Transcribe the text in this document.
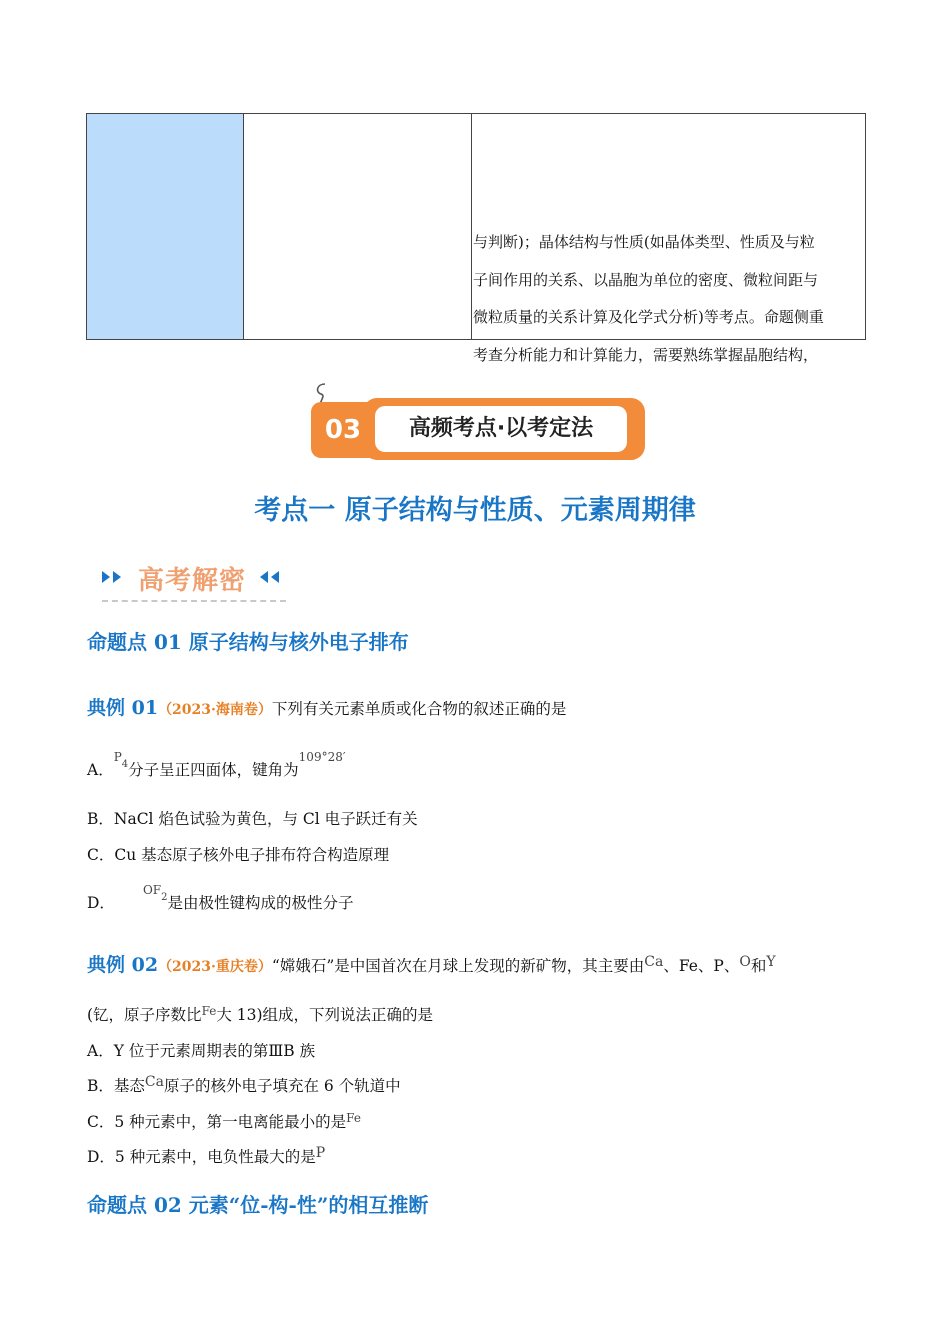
与判断)；晶体结构与性质(如晶体类型、性质及与粒
子间作用的关系、以晶胞为单位的密度、微粒间距与
微粒质量的关系计算及化学式分析)等考点。命题侧重
考查分析能力和计算能力，需要熟练掌握晶胞结构，
高频考点·以考定法
03
考点一 原子结构与性质、元素周期律
高考解密
命题点 01 原子结构与核外电子排布
典例 01（2023·海南卷）下列有关元素单质或化合物的叙述正确的是
A．$^{P4}$分子呈正四面体，键角为$^{109^\circ 28'}$
B．NaCl 焰色试验为黄色，与 Cl 电子跃迁有关
C．Cu 基态原子核外电子排布符合构造原理
D．$^{OF2}$是由极性键构成的极性分子
典例 02（2023·重庆卷）“嫦娥石”是中国首次在月球上发现的新矿物，其主要由Ca、Fe、P、O和Y
(钇，原子序数比$^{Fe}$大 13)组成，下列说法正确的是
A．Y 位于元素周期表的第ⅢB 族
B．基态Ca原子的核外电子填充在 6 个轨道中
C．5 种元素中，第一电离能最小的是$^{Fe}$
D．5 种元素中，电负性最大的是P
命题点 02 元素“位-构-性”的相互推断
